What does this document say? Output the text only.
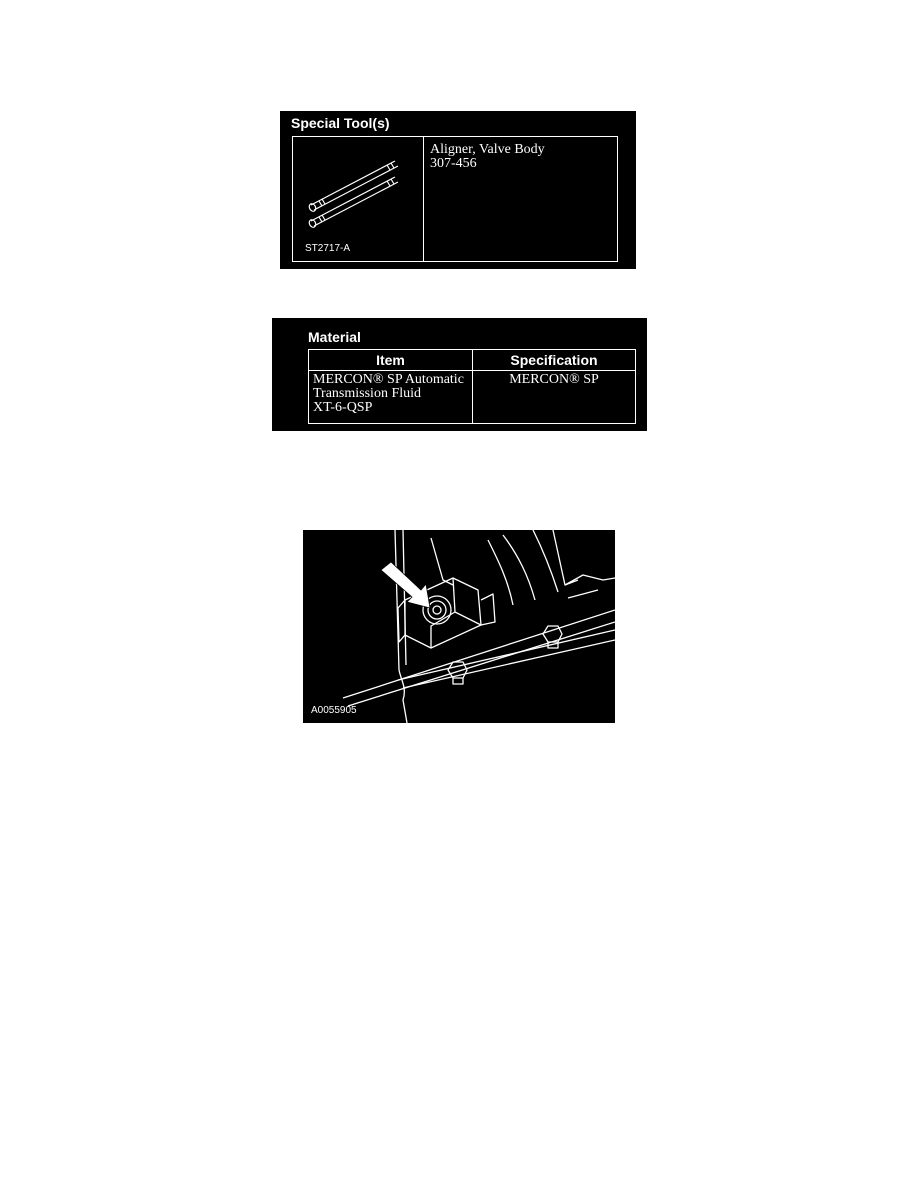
Special Tool(s)
Aligner, Valve Body
307-456
ST2717-A
Material
Item	Specification
MERCON® SP Automatic
Transmission Fluid
XT-6-QSP
MERCON® SP
A0055905
